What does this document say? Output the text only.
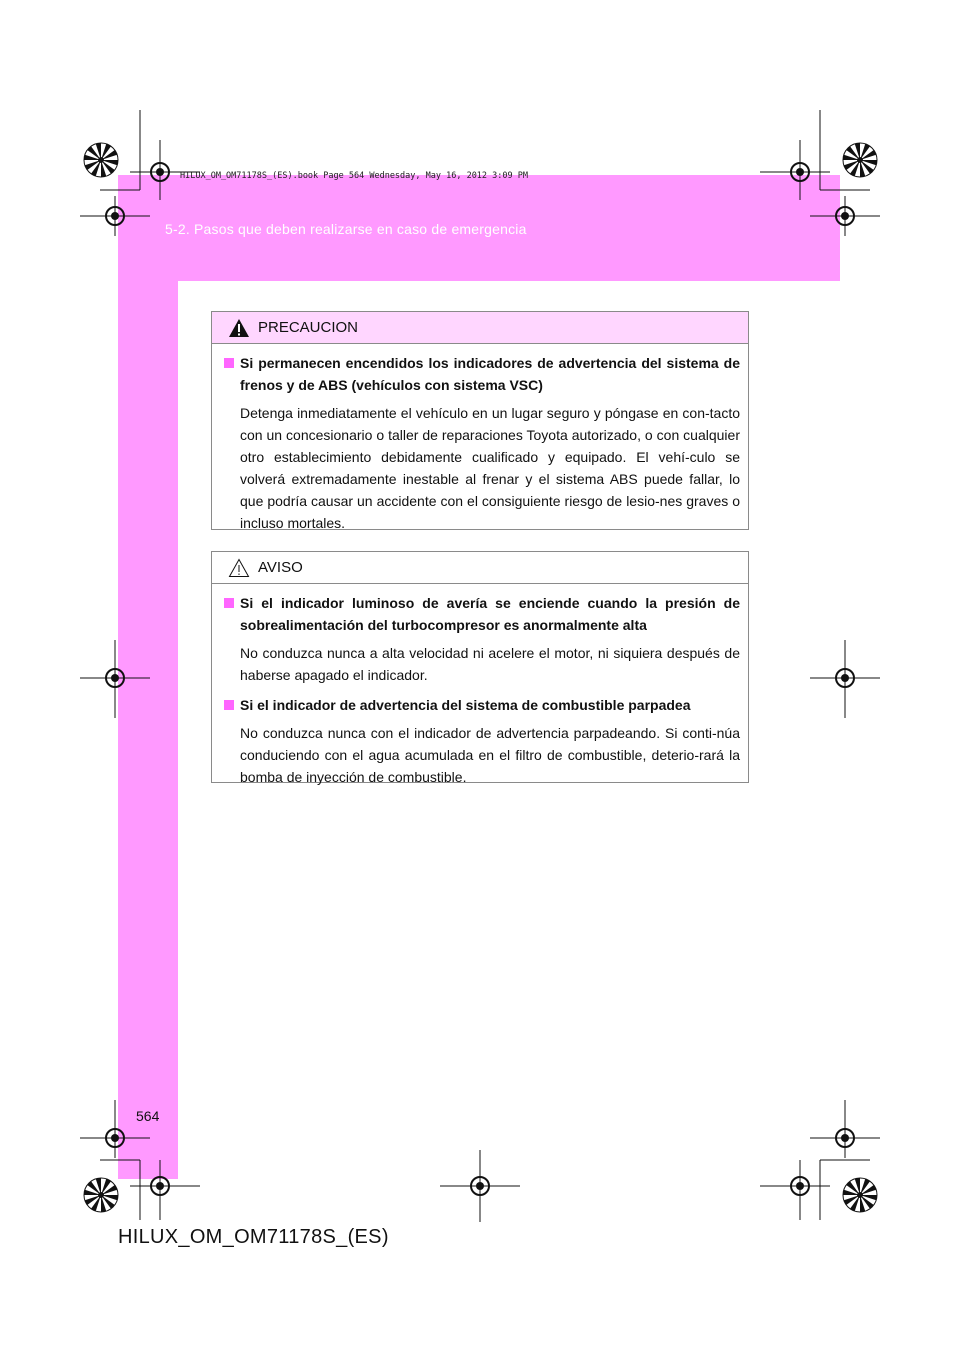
5-2. Pasos que deben realizarse en caso de emergencia
HILUX_OM_OM71178S_(ES).book Page 564 Wednesday, May 16, 2012 3:09 PM
PRECAUCION
Si permanecen encendidos los indicadores de advertencia del sistema de frenos y de ABS (vehículos con sistema VSC)
Detenga inmediatamente el vehículo en un lugar seguro y póngase en con-tacto con un concesionario o taller de reparaciones Toyota autorizado, o con cualquier otro establecimiento debidamente cualificado y equipado. El vehí-culo se volverá extremadamente inestable al frenar y el sistema ABS puede fallar, lo que podría causar un accidente con el consiguiente riesgo de lesio-nes graves o incluso mortales.
AVISO
Si el indicador luminoso de avería se enciende cuando la presión de sobrealimentación del turbocompresor es anormalmente alta
No conduzca nunca a alta velocidad ni acelere el motor, ni siquiera después de haberse apagado el indicador.
Si el indicador de advertencia del sistema de combustible parpadea
No conduzca nunca con el indicador de advertencia parpadeando. Si conti-núa conduciendo con el agua acumulada en el filtro de combustible, deterio-rará la bomba de inyección de combustible.
564
HILUX_OM_OM71178S_(ES)
